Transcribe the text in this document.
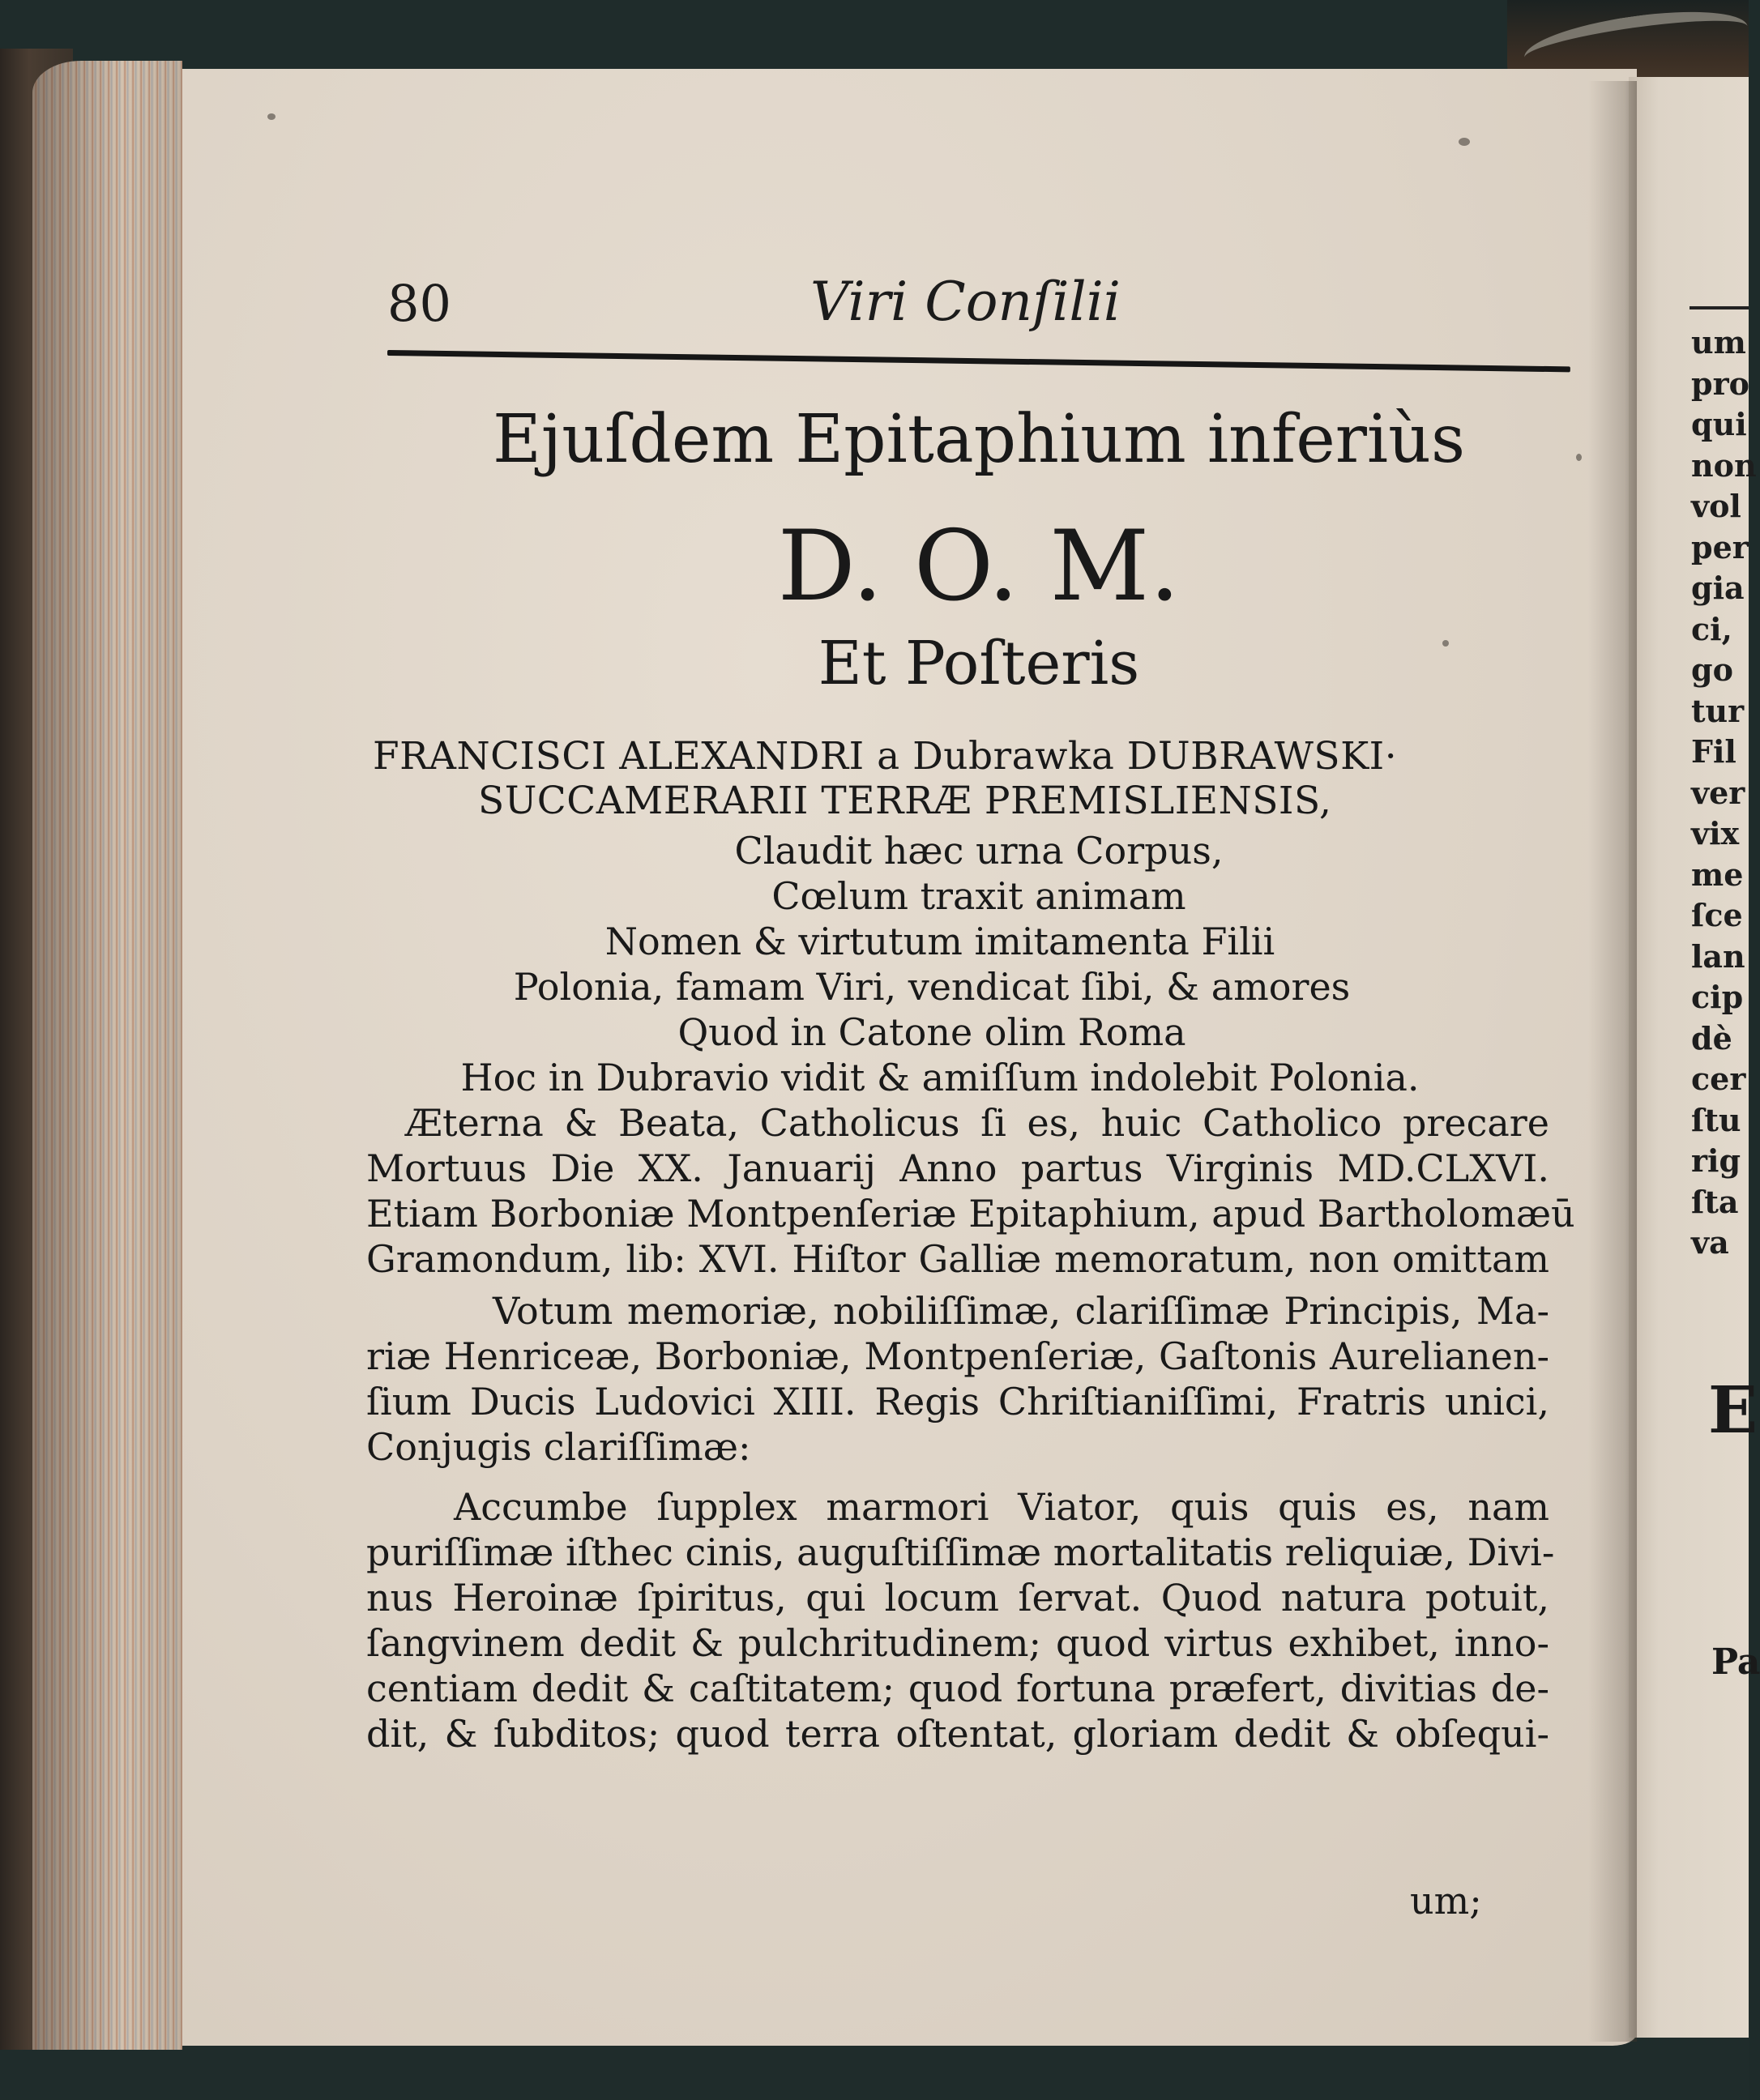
80	Viri Conſilii
Ejuſdem Epitaphium inferiùs
D. O. M.
Et Poſteris
FRANCISCI ALEXANDRI a Dubrawka DUBRAWSKI·
SUCCAMERARII TERRÆ PREMISLIENSIS,
Claudit hæc urna Corpus,
Cœlum traxit animam
Nomen & virtutum imitamenta Filii
Polonia, famam Viri, vendicat ſibi, & amores
Quod in Catone olim Roma
Hoc in Dubravio vidit & amiſſum indolebit Polonia.
Æterna & Beata, Catholicus ſi es, huic Catholico precare
Mortuus Die XX. Januarij Anno partus Virginis MD.CLXVI.
Etiam Borboniæ Montpenſeriæ Epitaphium, apud Bartholomæū
Gramondum, lib: XVI. Hiſtor Galliæ memoratum, non omittam
Votum memoriæ, nobiliſſimæ, clariſſimæ Principis, Ma-
riæ Henriceæ, Borboniæ, Montpenſeriæ, Gaſtonis Aurelianen-
ſium Ducis Ludovici XIII. Regis Chriſtianiſſimi, Fratris unici,
Conjugis clariſſimæ:
Accumbe ſupplex marmori Viator, quis quis es, nam
puriſſimæ iſthec cinis, auguſtiſſimæ mortalitatis reliquiæ, Divi-
nus Heroinæ ſpiritus, qui locum ſervat. Quod natura potuit,
ſangvinem dedit & pulchritudinem; quod virtus exhibet, inno-
centiam dedit & caſtitatem; quod fortuna præfert, divitias de-
dit, & ſubditos; quod terra oſtentat, gloriam dedit & obſequi-
um;
um
pro
qui
non
vol
per
gia
ci,
go
tur
Fil
ver
vix
me
ſce
lan
cip
dè
cer
ſtu
rig
ſta
va
E
Pa
